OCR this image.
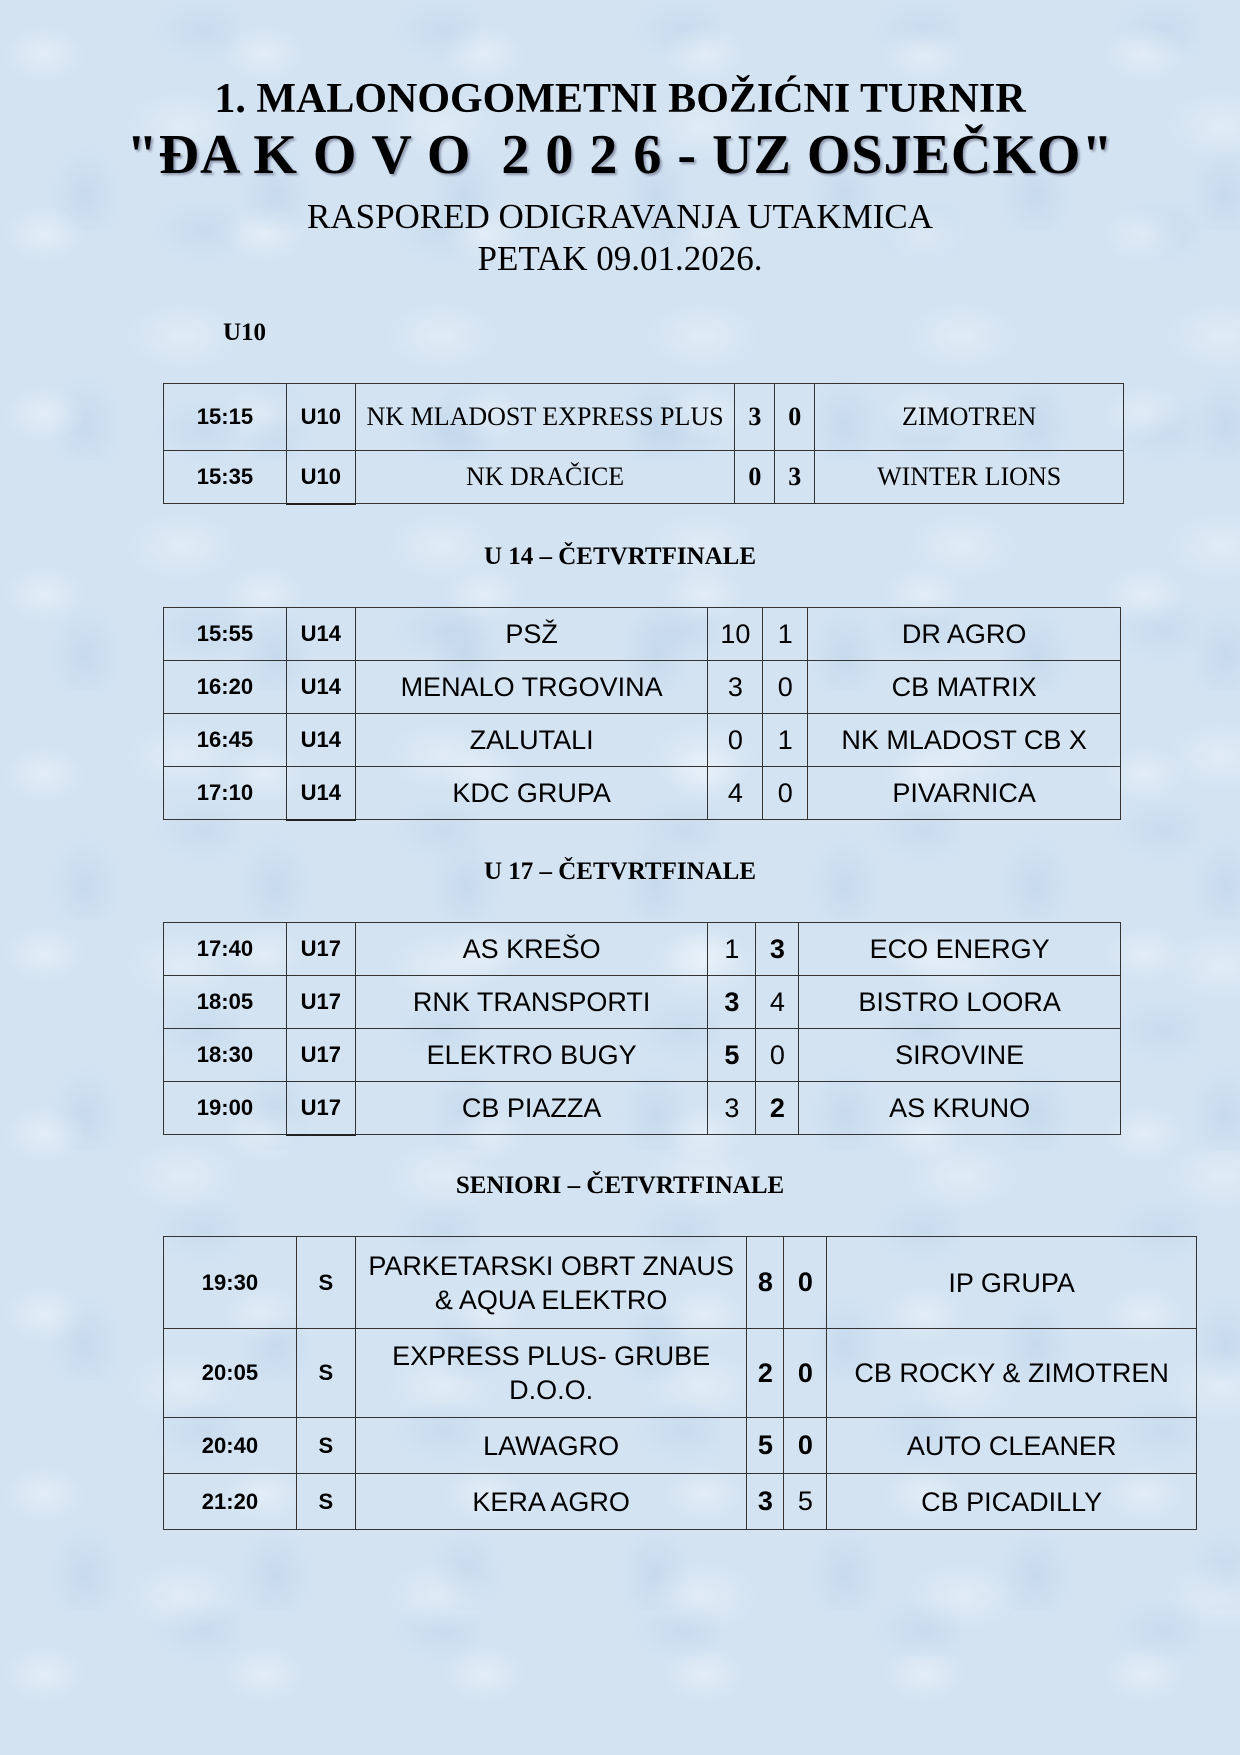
1. MALONOGOMETNI BOŽIĆNI TURNIR
"ĐA K O V O  2 0 2 6 - UZ OSJEČKO"
RASPORED ODIGRAVANJA UTAKMICA
PETAK 09.01.2026.
U10
15:15	U10	NK MLADOST EXPRESS PLUS	3	0	ZIMOTREN
15:35	U10	NK DRAČICE	0	3	WINTER LIONS
U 14 – ČETVRTFINALE
15:55	U14	PSŽ	10	1	DR AGRO
16:20	U14	MENALO TRGOVINA	3	0	CB MATRIX
16:45	U14	ZALUTALI	0	1	NK MLADOST CB X
17:10	U14	KDC GRUPA	4	0	PIVARNICA
U 17 – ČETVRTFINALE
17:40	U17	AS KREŠO	1	3	ECO ENERGY
18:05	U17	RNK TRANSPORTI	3	4	BISTRO LOORA
18:30	U17	ELEKTRO BUGY	5	0	SIROVINE
19:00	U17	CB PIAZZA	3	2	AS KRUNO
SENIORI – ČETVRTFINALE
19:30	S	PARKETARSKI OBRT ZNAUS & AQUA ELEKTRO	8	0	IP GRUPA
20:05	S	EXPRESS PLUS- GRUBE D.O.O.	2	0	CB ROCKY & ZIMOTREN
20:40	S	LAWAGRO	5	0	AUTO CLEANER
21:20	S	KERA AGRO	3	5	CB PICADILLY
